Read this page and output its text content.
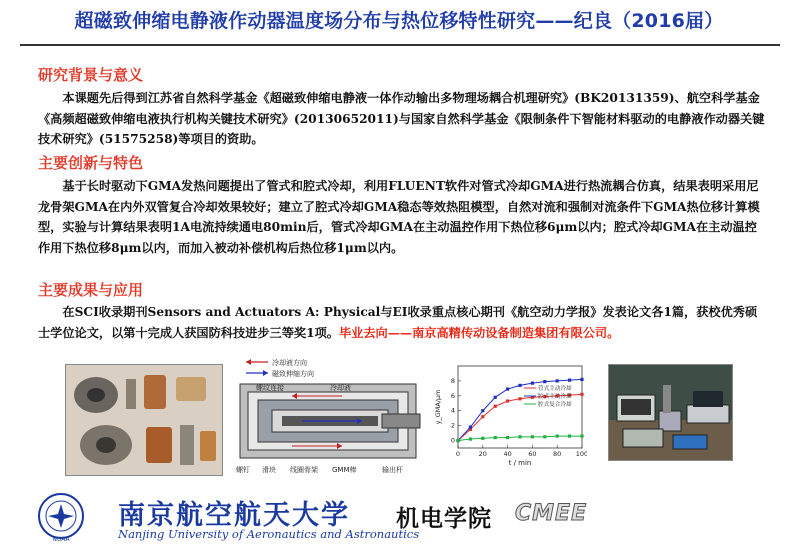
超磁致伸缩电静液作动器温度场分布与热位移特性研究——纪良（2016届）
研究背景与意义
本课题先后得到江苏省自然科学基金《超磁致伸缩电静液一体作动输出多物理场耦合机理研究》(BK20131359)、航空科学基金《高频超磁致伸缩电液执行机构关键技术研究》(20130652011)与国家自然科学基金《限制条件下智能材料驱动的电静液作动器关键技术研究》(51575258)等项目的资助。
主要创新与特色
基于长时驱动下GMA发热问题提出了管式和腔式冷却，利用FLUENT软件对管式冷却GMA进行热流耦合仿真，结果表明采用尼龙骨架GMA在内外双管复合冷却效果较好；建立了腔式冷却GMA稳态等效热阻模型，自然对流和强制对流条件下GMA热位移计算模型，实验与计算结果表明1A电流持续通电80min后，管式冷却GMA在主动温控作用下热位移6μm以内；腔式冷却GMA在主动温控作用下热位移8μm以内，而加入被动补偿机构后热位移1μm以内。
主要成果与应用
在SCI收录期刊Sensors and Actuators A: Physical与EI收录重点核心期刊《航空动力学报》发表论文各1篇，获校优秀硕士学位论文，以第十完成人获国防科技进步三等奖1项。毕业去向——南京高精传动设备制造集团有限公司。
冷却液方向
磁致伸缩方向
螺纹连接	冷却液
螺钉 滑块 线圈骨架 GMM棒	输出杆
0	20	40	60	80 100
0
2
4
6
8
t / min
y_GMA/μm
管式主动冷却
腔式主动冷却
腔式复合冷却
NUAA
南京航空航天大学
Nanjing University of Aeronautics and Astronautics
机电学院 CMEE
